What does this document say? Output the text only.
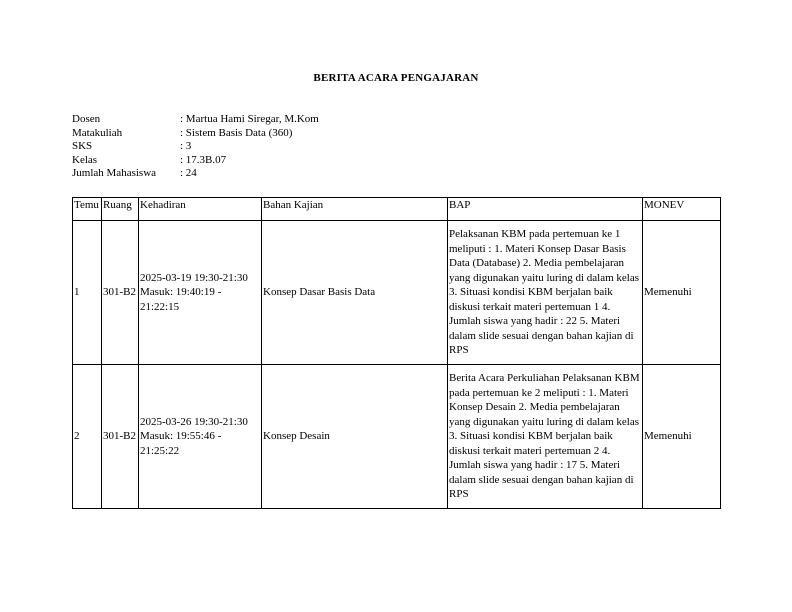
BERITA ACARA PENGAJARAN
Dosen	: Martua Hami Siregar, M.Kom
Matakuliah	: Sistem Basis Data (360)
SKS	: 3
Kelas	: 17.3B.07
Jumlah Mahasiswa	: 24
Temu	Ruang	Kehadiran	Bahan Kajian	BAP	MONEV
1	301-B2	2025-03-19 19:30-21:30 Masuk: 19:40:19 - 21:22:15	Konsep Dasar Basis Data	Pelaksanan KBM pada pertemuan ke 1 meliputi : 1. Materi Konsep Dasar Basis Data (Database) 2. Media pembelajaran yang digunakan yaitu luring di dalam kelas 3. Situasi kondisi KBM berjalan baik diskusi terkait materi pertemuan 1 4. Jumlah siswa yang hadir : 22 5. Materi dalam slide sesuai dengan bahan kajian di RPS	Memenuhi
2	301-B2	2025-03-26 19:30-21:30 Masuk: 19:55:46 - 21:25:22	Konsep Desain	Berita Acara Perkuliahan Pelaksanan KBM pada pertemuan ke 2 meliputi : 1. Materi Konsep Desain 2. Media pembelajaran yang digunakan yaitu luring di dalam kelas 3. Situasi kondisi KBM berjalan baik diskusi terkait materi pertemuan 2 4. Jumlah siswa yang hadir : 17 5. Materi dalam slide sesuai dengan bahan kajian di RPS	Memenuhi
